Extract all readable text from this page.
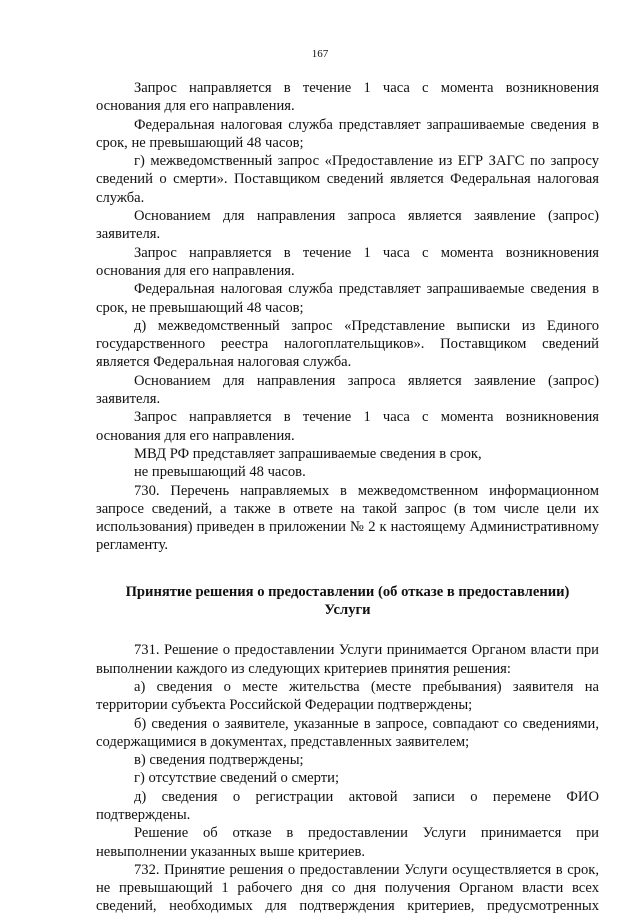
167

Запрос направляется в течение 1 часа с момента возникновения основания для его направления.

Федеральная налоговая служба представляет запрашиваемые сведения в срок, не превышающий 48 часов;

г) межведомственный запрос «Предоставление из ЕГР ЗАГС по запросу сведений о смерти». Поставщиком сведений является Федеральная налоговая служба.

Основанием для направления запроса является заявление (запрос) заявителя.

Запрос направляется в течение 1 часа с момента возникновения основания для его направления.

Федеральная налоговая служба представляет запрашиваемые сведения в срок, не превышающий 48 часов;

д) межведомственный запрос «Представление выписки из Единого государственного реестра налогоплательщиков». Поставщиком сведений является Федеральная налоговая служба.

Основанием для направления запроса является заявление (запрос) заявителя.

Запрос направляется в течение 1 часа с момента возникновения основания для его направления.

МВД РФ представляет запрашиваемые сведения в срок,

не превышающий 48 часов.

730. Перечень направляемых в межведомственном информационном запросе сведений, а также в ответе на такой запрос (в том числе цели их использования) приведен в приложении № 2 к настоящему Административному регламенту.

Принятие решения о предоставлении (об отказе в предоставлении)
Услуги

731. Решение о предоставлении Услуги принимается Органом власти при выполнении каждого из следующих критериев принятия решения:

а) сведения о месте жительства (месте пребывания) заявителя на территории субъекта Российской Федерации подтверждены;

б) сведения о заявителе, указанные в запросе, совпадают со сведениями, содержащимися в документах, представленных заявителем;

в) сведения подтверждены;

г) отсутствие сведений о смерти;

д) сведения о регистрации актовой записи о перемене ФИО подтверждены.

Решение об отказе в предоставлении Услуги принимается при невыполнении указанных выше критериев.

732. Принятие решения о предоставлении Услуги осуществляется в срок, не превышающий 1 рабочего дня со дня получения Органом власти всех сведений, необходимых для подтверждения критериев, предусмотренных
